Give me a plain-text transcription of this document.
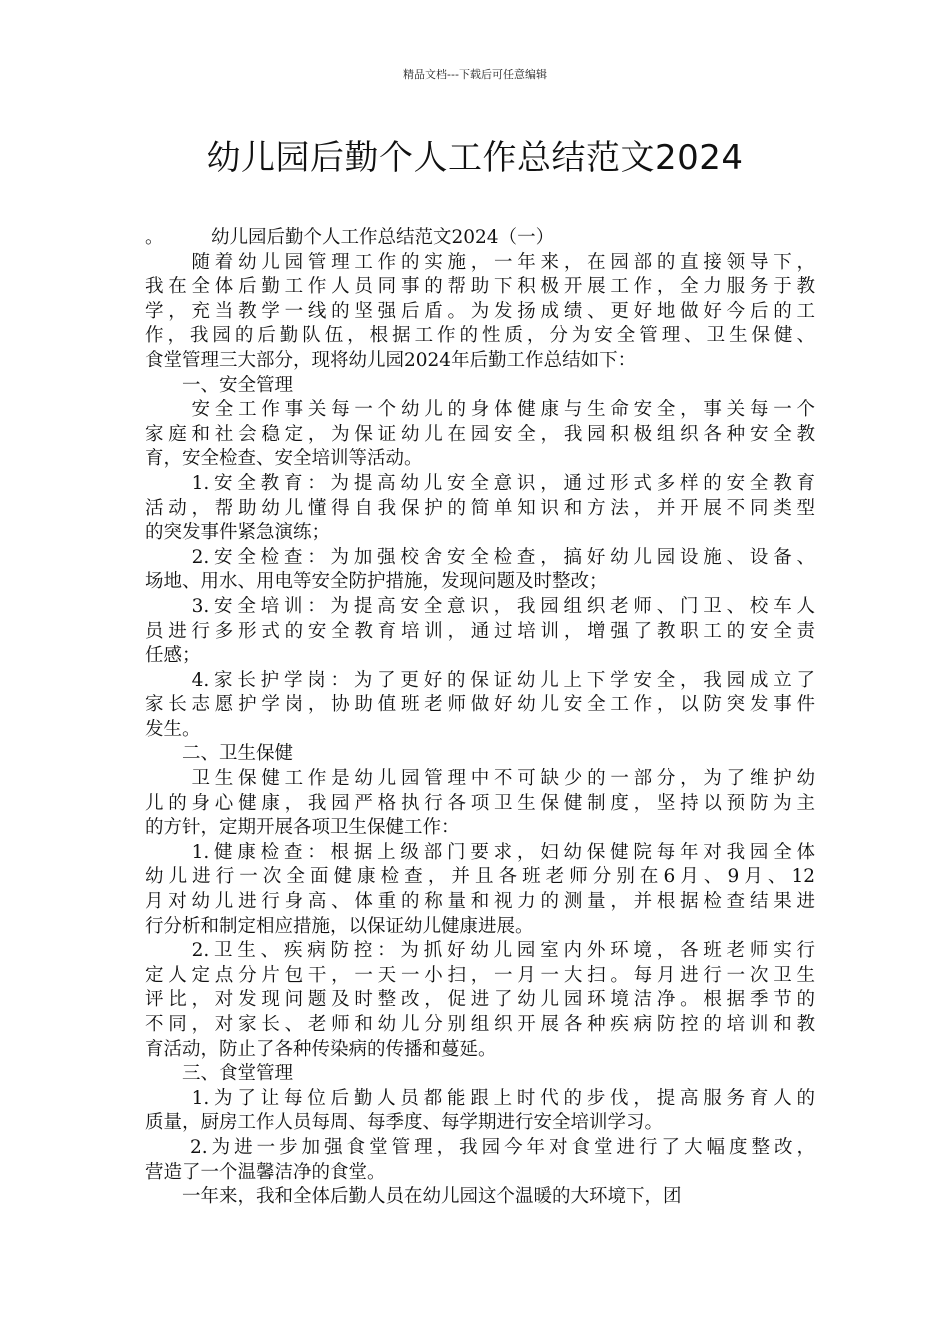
精品文档---下载后可任意编辑
幼儿园后勤个人工作总结范文2024
。	幼儿园后勤个人工作总结范文2024（一）
　　随着幼儿园管理工作的实施，一年来，在园部的直接领导下，
我在全体后勤工作人员同事的帮助下积极开展工作，全力服务于教
学，充当教学一线的坚强后盾。为发扬成绩、更好地做好今后的工
作，我园的后勤队伍，根据工作的性质，分为安全管理、卫生保健、
食堂管理三大部分，现将幼儿园2024年后勤工作总结如下：
　　一、安全管理
　　安全工作事关每一个幼儿的身体健康与生命安全，事关每一个
家庭和社会稳定，为保证幼儿在园安全，我园积极组织各种安全教
育，安全检查、安全培训等活动。
　　1.安全教育：为提高幼儿安全意识，通过形式多样的安全教育
活动，帮助幼儿懂得自我保护的简单知识和方法，并开展不同类型
的突发事件紧急演练；
　　2.安全检查：为加强校舍安全检查，搞好幼儿园设施、设备、
场地、用水、用电等安全防护措施，发现问题及时整改；
　　3.安全培训：为提高安全意识，我园组织老师、门卫、校车人
员进行多形式的安全教育培训，通过培训，增强了教职工的安全责
任感；
　　4.家长护学岗：为了更好的保证幼儿上下学安全，我园成立了
家长志愿护学岗，协助值班老师做好幼儿安全工作，以防突发事件
发生。
　　二、卫生保健
　　卫生保健工作是幼儿园管理中不可缺少的一部分，为了维护幼
儿的身心健康，我园严格执行各项卫生保健制度，坚持以预防为主
的方针，定期开展各项卫生保健工作：
　　1.健康检查：根据上级部门要求，妇幼保健院每年对我园全体
幼儿进行一次全面健康检查，并且各班老师分别在6月、9月、12
月对幼儿进行身高、体重的称量和视力的测量，并根据检查结果进
行分析和制定相应措施，以保证幼儿健康进展。
　　2.卫生、疾病防控：为抓好幼儿园室内外环境，各班老师实行
定人定点分片包干，一天一小扫，一月一大扫。每月进行一次卫生
评比，对发现问题及时整改，促进了幼儿园环境洁净。根据季节的
不同，对家长、老师和幼儿分别组织开展各种疾病防控的培训和教
育活动，防止了各种传染病的传播和蔓延。
　　三、食堂管理
　　1.为了让每位后勤人员都能跟上时代的步伐，提高服务育人的
质量，厨房工作人员每周、每季度、每学期进行安全培训学习。
　　2.为进一步加强食堂管理，我园今年对食堂进行了大幅度整改，
营造了一个温馨洁净的食堂。
　　一年来，我和全体后勤人员在幼儿园这个温暖的大环境下，团
